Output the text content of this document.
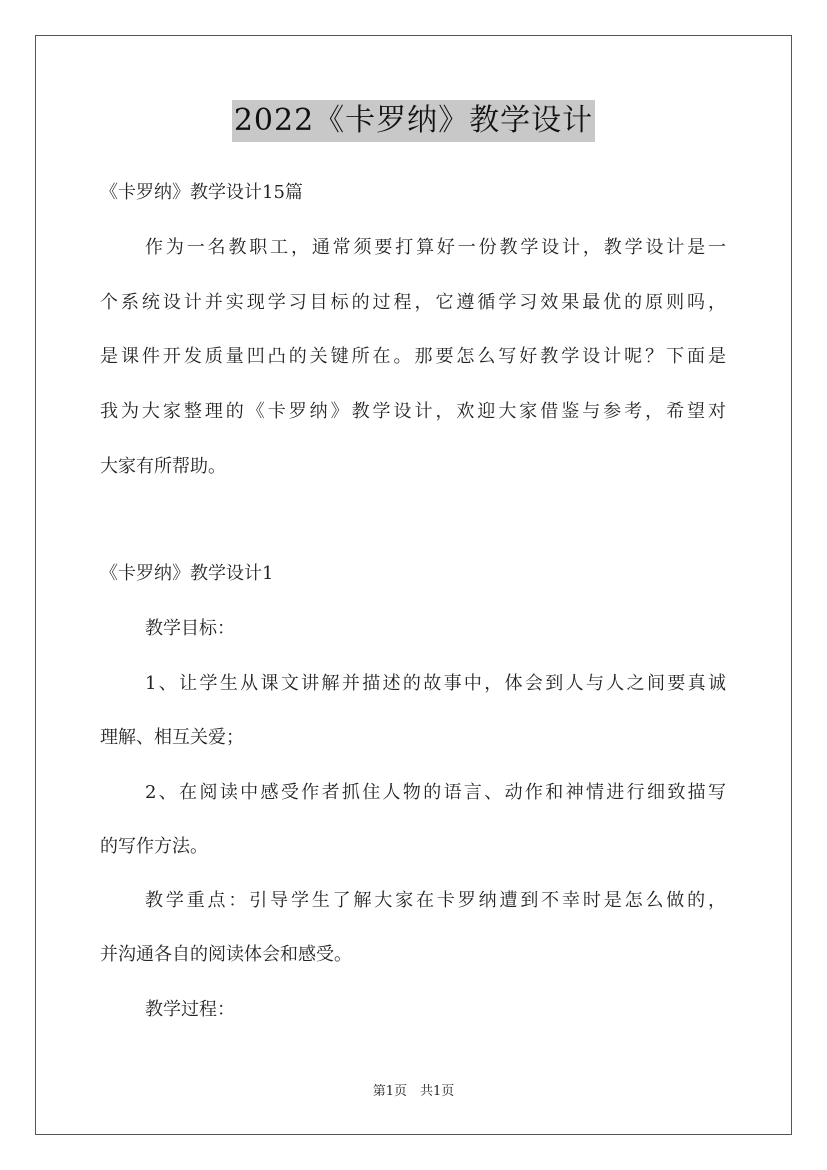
2022《卡罗纳》教学设计
《卡罗纳》教学设计15篇
作为一名教职工，通常须要打算好一份教学设计，教学设计是一
个系统设计并实现学习目标的过程，它遵循学习效果最优的原则吗，
是课件开发质量凹凸的关键所在。那要怎么写好教学设计呢？下面是
我为大家整理的《卡罗纳》教学设计，欢迎大家借鉴与参考，希望对
大家有所帮助。
《卡罗纳》教学设计1
教学目标：
1、让学生从课文讲解并描述的故事中，体会到人与人之间要真诚
理解、相互关爱；
2、在阅读中感受作者抓住人物的语言、动作和神情进行细致描写
的写作方法。
教学重点：引导学生了解大家在卡罗纳遭到不幸时是怎么做的，
并沟通各自的阅读体会和感受。
教学过程：
第1页　共1页
